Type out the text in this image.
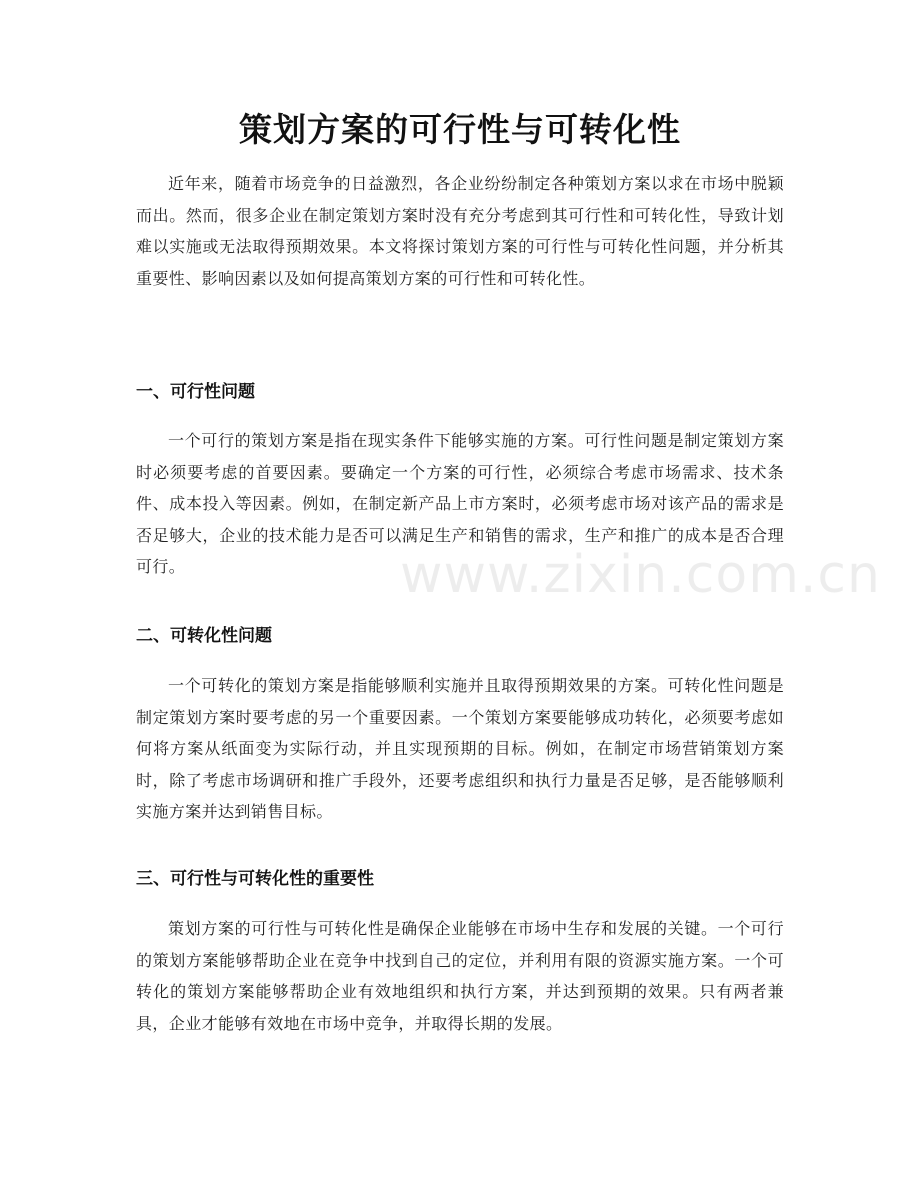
策划方案的可行性与可转化性

近年来，随着市场竞争的日益激烈，各企业纷纷制定各种策划方案以求在市场中脱颖而出。然而，很多企业在制定策划方案时没有充分考虑到其可行性和可转化性，导致计划难以实施或无法取得预期效果。本文将探讨策划方案的可行性与可转化性问题，并分析其重要性、影响因素以及如何提高策划方案的可行性和可转化性。

一、可行性问题

一个可行的策划方案是指在现实条件下能够实施的方案。可行性问题是制定策划方案时必须要考虑的首要因素。要确定一个方案的可行性，必须综合考虑市场需求、技术条件、成本投入等因素。例如，在制定新产品上市方案时，必须考虑市场对该产品的需求是否足够大，企业的技术能力是否可以满足生产和销售的需求，生产和推广的成本是否合理可行。

二、可转化性问题

一个可转化的策划方案是指能够顺利实施并且取得预期效果的方案。可转化性问题是制定策划方案时要考虑的另一个重要因素。一个策划方案要能够成功转化，必须要考虑如何将方案从纸面变为实际行动，并且实现预期的目标。例如，在制定市场营销策划方案时，除了考虑市场调研和推广手段外，还要考虑组织和执行力量是否足够，是否能够顺利实施方案并达到销售目标。

三、可行性与可转化性的重要性

策划方案的可行性与可转化性是确保企业能够在市场中生存和发展的关键。一个可行的策划方案能够帮助企业在竞争中找到自己的定位，并利用有限的资源实施方案。一个可转化的策划方案能够帮助企业有效地组织和执行方案，并达到预期的效果。只有两者兼具，企业才能够有效地在市场中竞争，并取得长期的发展。

www.zixin.com.cn
